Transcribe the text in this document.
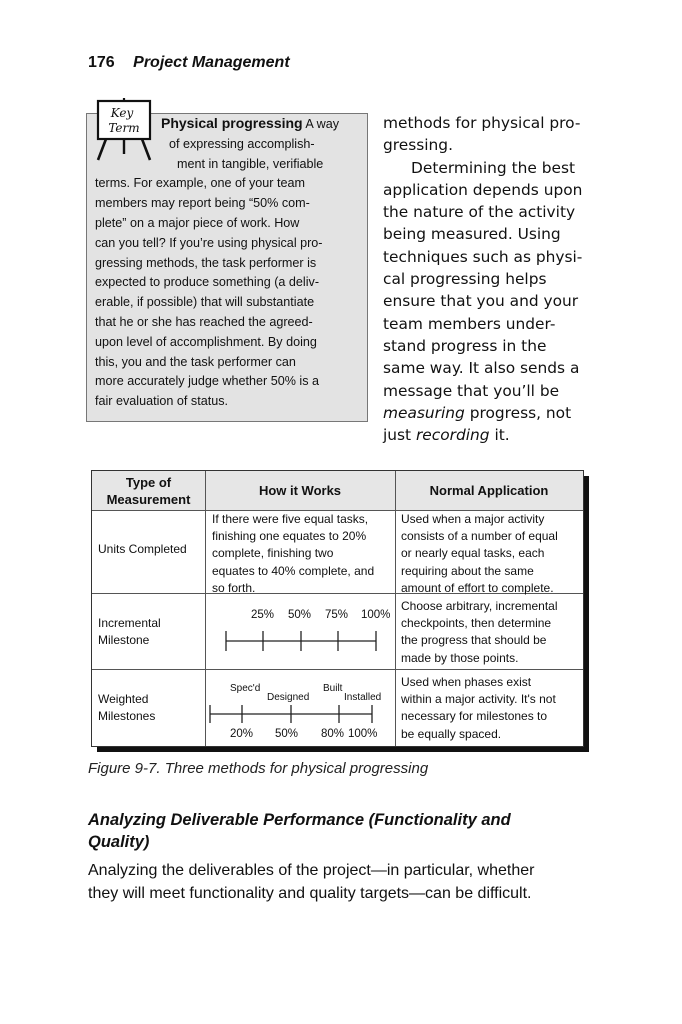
176 Project Management
Physical progressing A way
of expressing accomplish-
ment in tangible, verifiable
terms. For example, one of your team
members may report being “50% com-
plete” on a major piece of work. How
can you tell? If you’re using physical pro-
gressing methods, the task performer is
expected to produce something (a deliv-
erable, if possible) that will substantiate
that he or she has reached the agreed-
upon level of accomplishment. By doing
this, you and the task performer can
more accurately judge whether 50% is a
fair evaluation of status.
Key
Term	methods for physical pro-
gressing.
Determining the best
application depends upon
the nature of the activity
being measured. Using
techniques such as physi-
cal progressing helps
ensure that you and your
team members under-
stand progress in the
same way. It also sends a
message that you’ll be
measuring progress, not
just recording it.
Type of
Measurement
How it Works	Normal Application
Units Completed
If there were five equal tasks,
finishing one equates to 20%
complete, finishing two
equates to 40% complete, and
so forth.
Used when a major activity
consists of a number of equal
or nearly equal tasks, each
requiring about the same
amount of effort to complete.
Incremental
Milestone
25% 50% 75% 100%
Choose arbitrary, incremental
checkpoints, then determine
the progress that should be
made by those points.
Weighted
Milestones
Spec'd
Designed
Built
Installed
20% 50% 80% 100%
Used when phases exist
within a major activity. It's not
necessary for milestones to
be equally spaced.
Figure 9-7. Three methods for physical progressing
Analyzing Deliverable Performance (Functionality and
Quality)
Analyzing the deliverables of the project—in particular, whether
they will meet functionality and quality targets—can be difficult.
